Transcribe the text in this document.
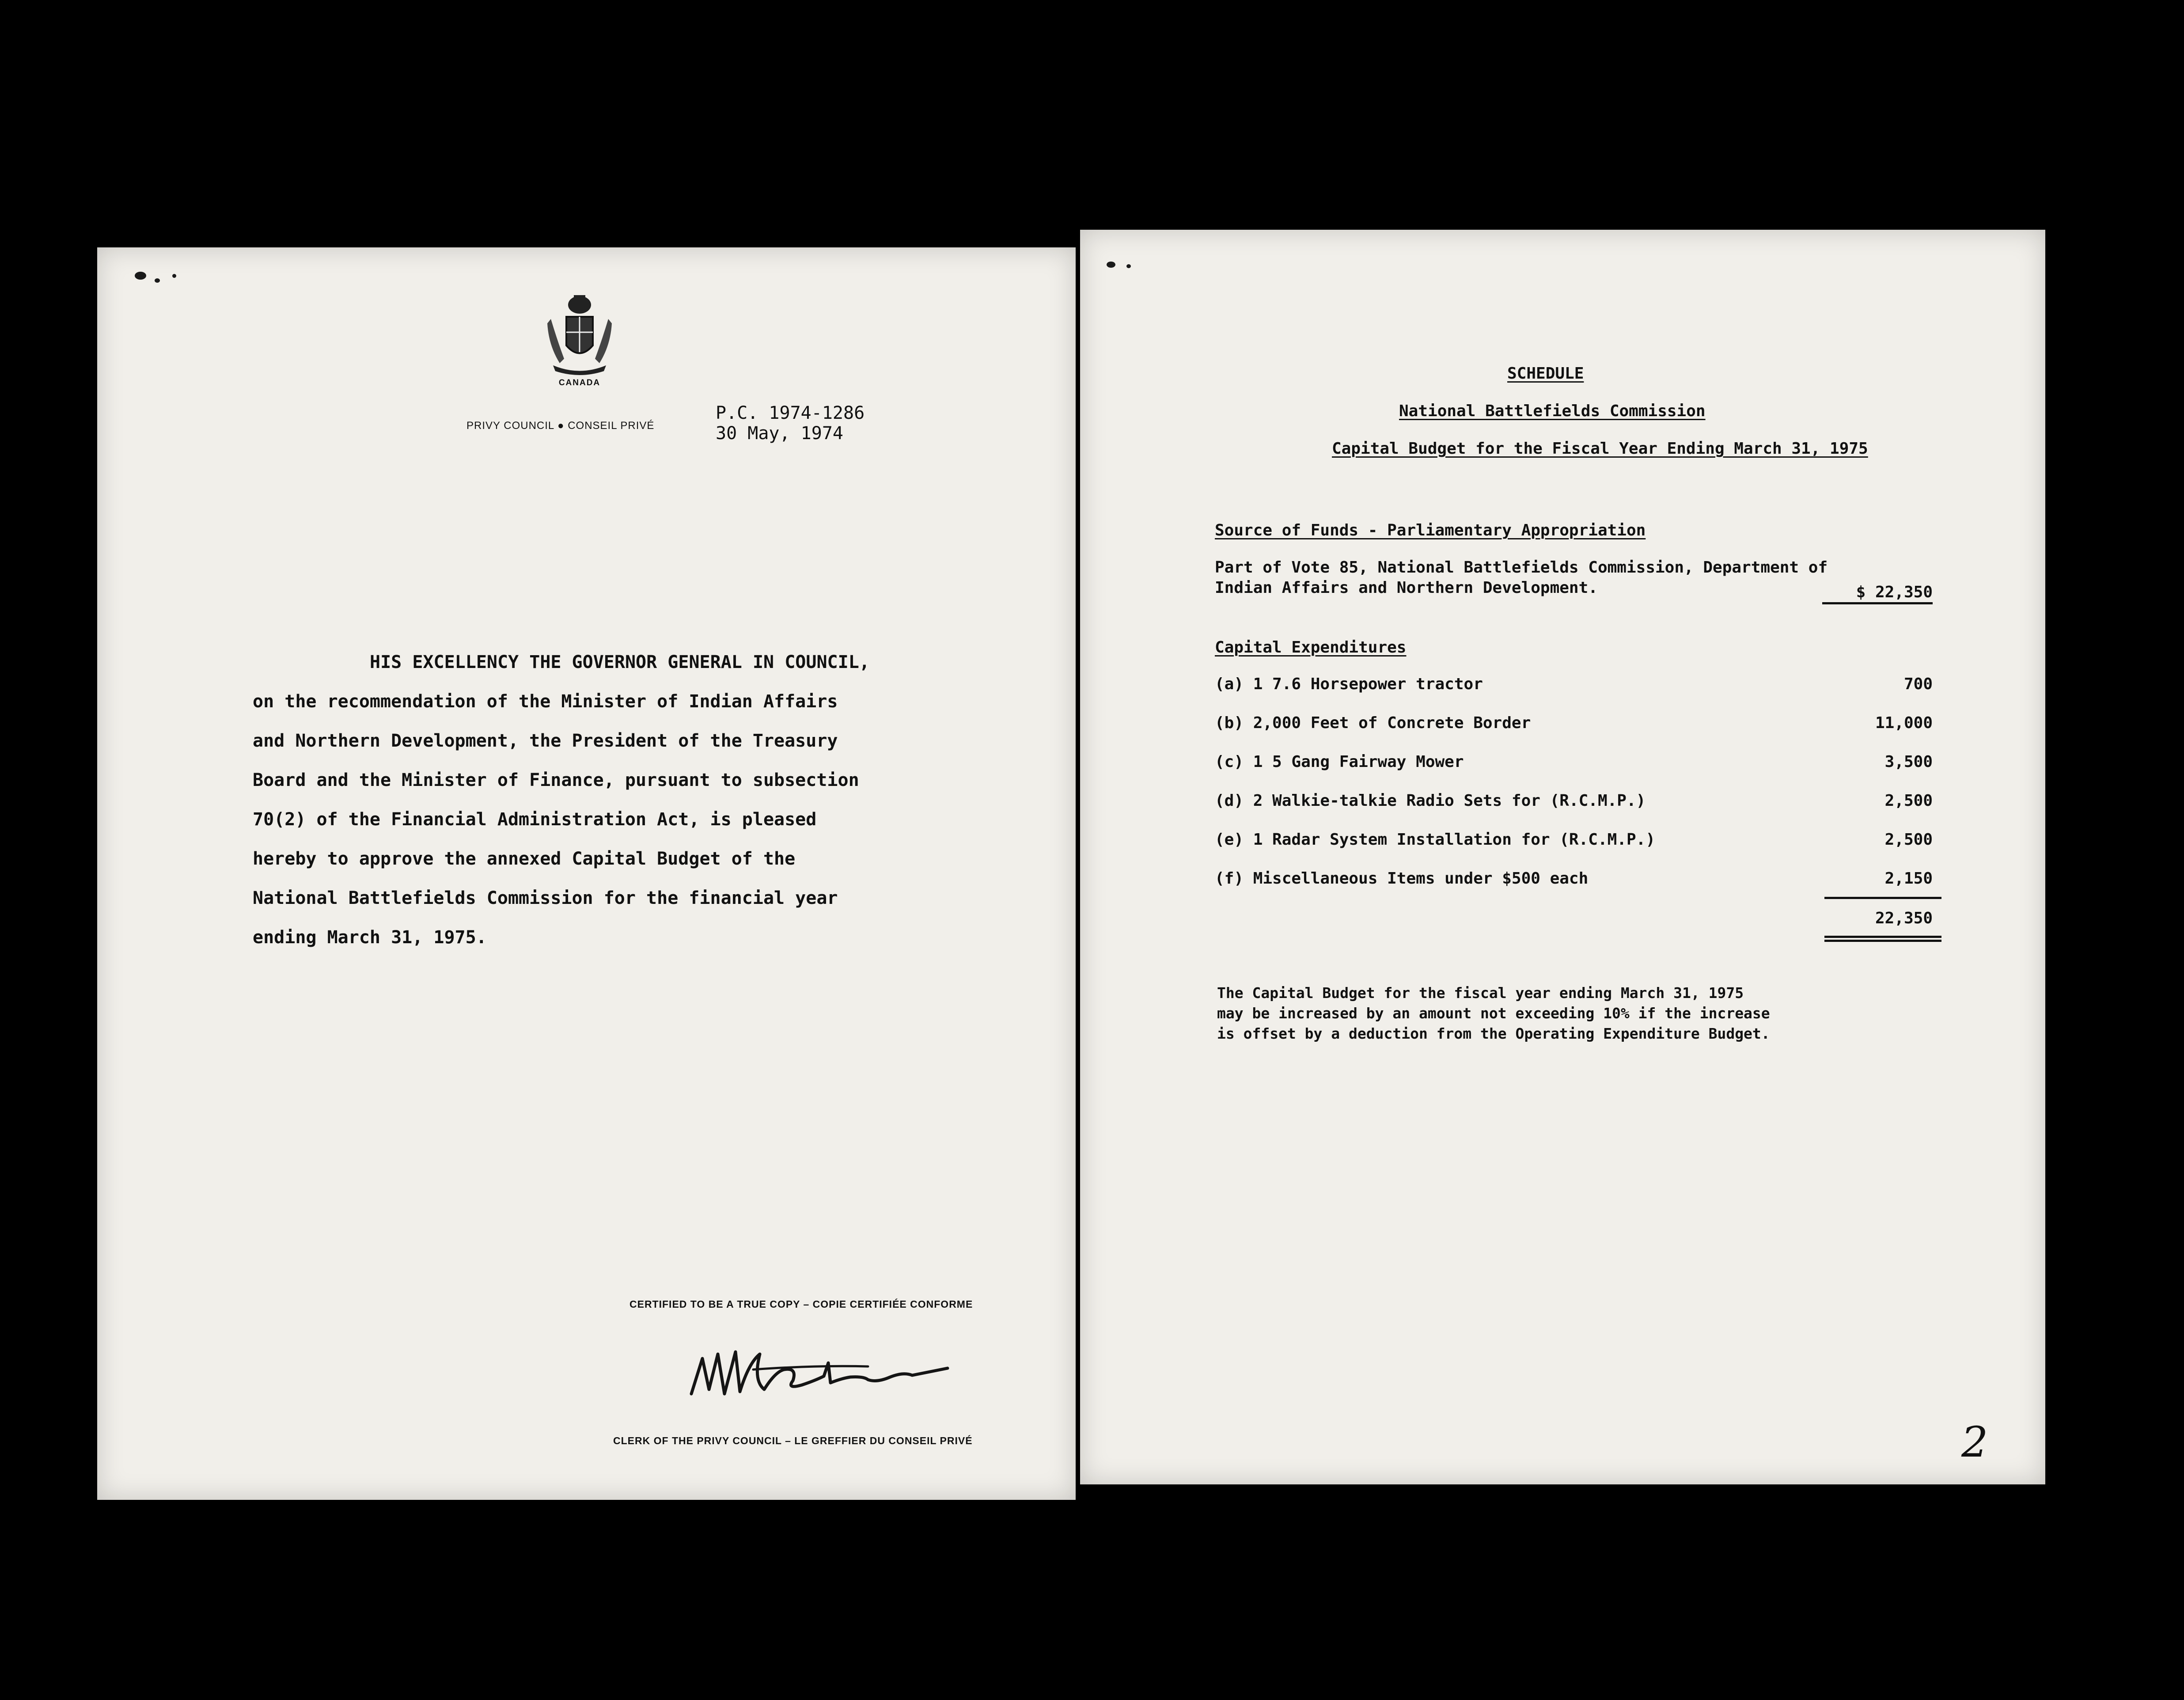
CANADA
PRIVY COUNCIL ● CONSEIL PRIVÉ
P.C. 1974-1286
30 May, 1974
HIS EXCELLENCY THE GOVERNOR GENERAL IN COUNCIL,
on the recommendation of the Minister of Indian Affairs
and Northern Development, the President of the Treasury
Board and the Minister of Finance, pursuant to subsection
70(2) of the Financial Administration Act, is pleased
hereby to approve the annexed Capital Budget of the
National Battlefields Commission for the financial year
ending March 31, 1975.
CERTIFIED TO BE A TRUE COPY – COPIE CERTIFIÉE CONFORME
CLERK OF THE PRIVY COUNCIL – LE GREFFIER DU CONSEIL PRIVÉ
SCHEDULE
National Battlefields Commission
Capital Budget for the Fiscal Year Ending March 31, 1975
Source of Funds - Parliamentary Appropriation
Part of Vote 85, National Battlefields Commission, Department of
Indian Affairs and Northern Development.	$ 22,350
Capital Expenditures
(a) 1 7.6 Horsepower tractor	700
(b) 2,000 Feet of Concrete Border	11,000
(c) 1 5 Gang Fairway Mower	3,500
(d) 2 Walkie-talkie Radio Sets for (R.C.M.P.)	2,500
(e) 1 Radar System Installation for (R.C.M.P.)	2,500
(f) Miscellaneous Items under $500 each	2,150
22,350
The Capital Budget for the fiscal year ending March 31, 1975
may be increased by an amount not exceeding 10% if the increase
is offset by a deduction from the Operating Expenditure Budget.
2
